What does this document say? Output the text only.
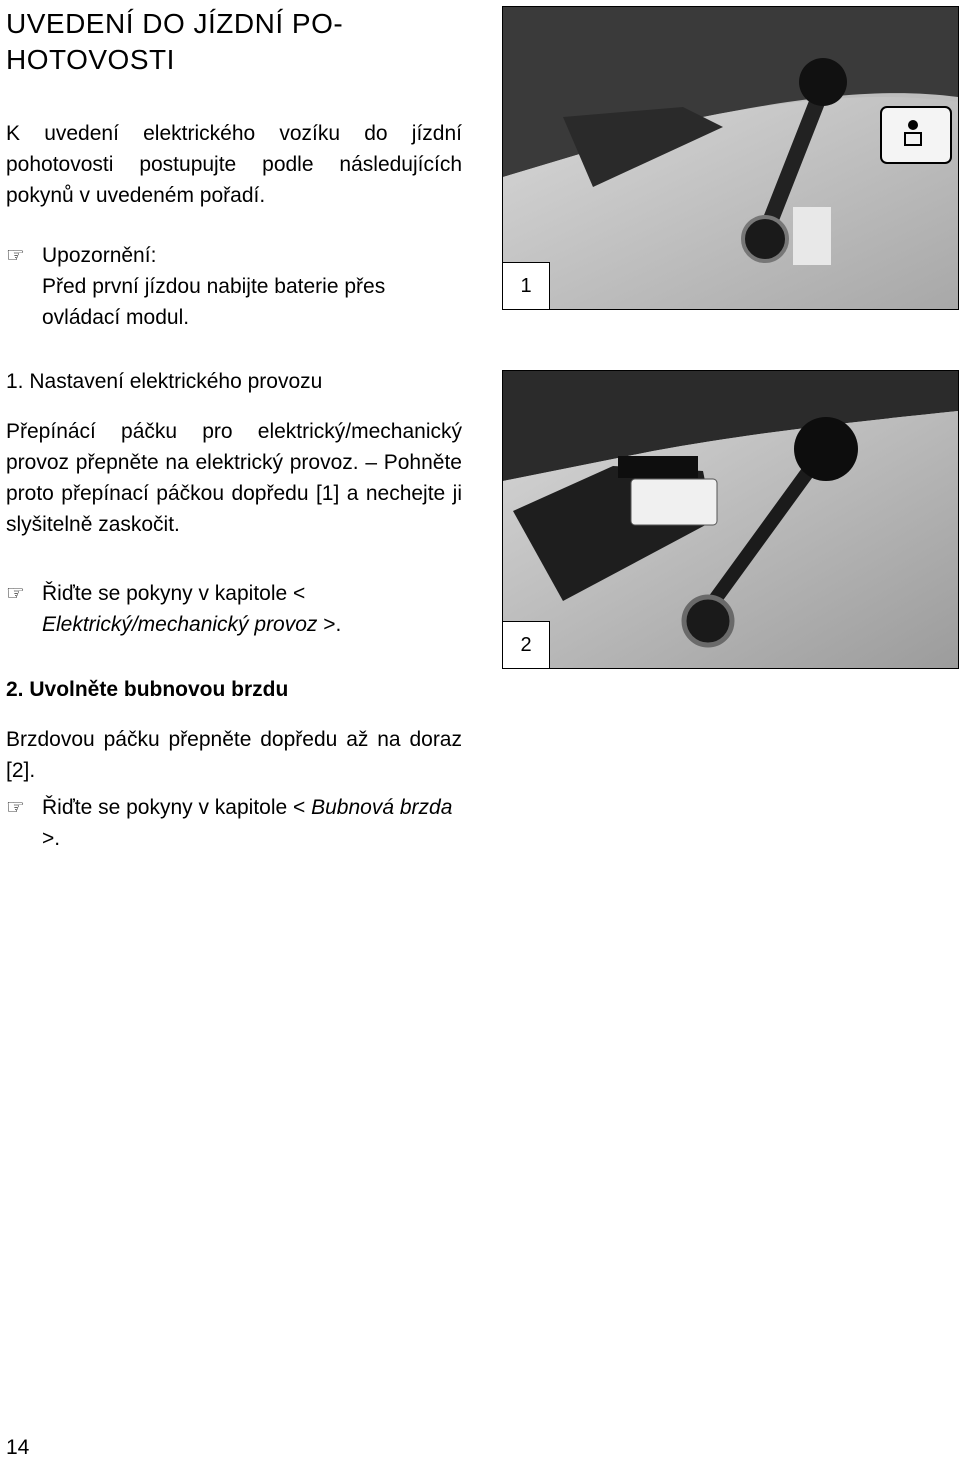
UVEDENÍ DO JÍZDNÍ PO-
HOTOVOSTI

K uvedení elektrického vozíku do jízdní pohotovosti postupujte podle následujících pokynů v uvedeném pořadí.

☞ Upozornění:
Před první jízdou nabijte baterie přes ovládací modul.

1. Nastavení elektrického provozu

Přepínácí páčku pro elektrický/mechanický provoz přepněte na elektrický provoz. – Pohněte proto přepínací páčkou dopředu [1] a nechejte ji slyšitelně zaskočit.

☞ Řiďte se pokyny v kapitole < Elektrický/mechanický provoz >.

2. Uvolněte bubnovou brzdu

Brzdovou páčku přepněte dopředu až na doraz [2].

☞ Řiďte se pokyny v kapitole < Bubnová brzda >.
1
2
14
